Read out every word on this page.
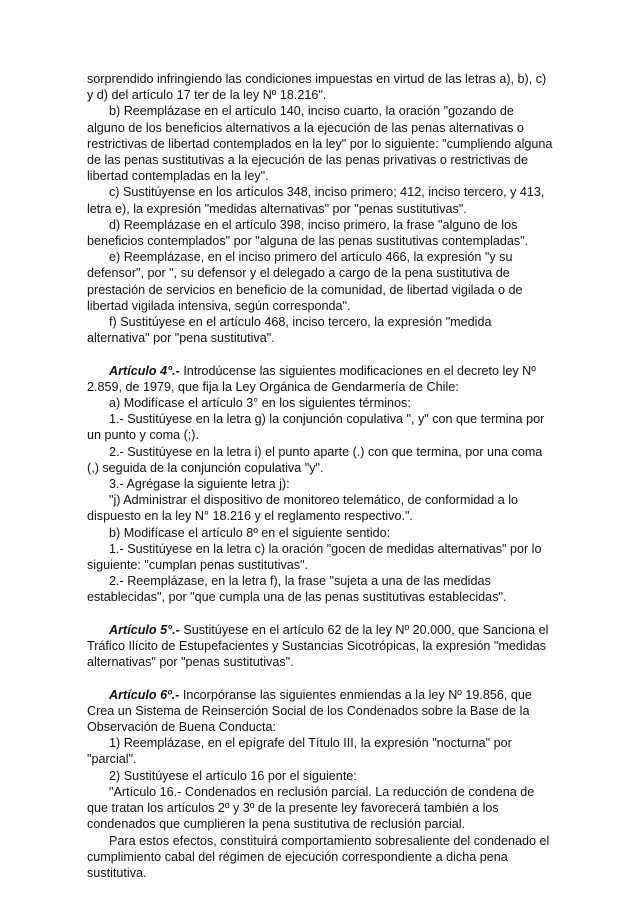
sorprendido infringiendo las condiciones impuestas en virtud de las letras a), b), c) y d) del artículo 17 ter de la ley Nº 18.216".

b) Reemplázase en el artículo 140, inciso cuarto, la oración "gozando de alguno de los beneficios alternativos a la ejecución de las penas alternativas o restrictivas de libertad contemplados en la ley" por lo siguiente: "cumpliendo alguna de las penas sustitutivas a la ejecución de las penas privativas o restrictivas de libertad contempladas en la ley".

c) Sustitúyense en los artículos 348, inciso primero; 412, inciso tercero, y 413, letra e), la expresión "medidas alternativas" por "penas sustitutivas".

d) Reemplázase en el artículo 398, inciso primero, la frase "alguno de los beneficios contemplados" por "alguna de las penas sustitutivas contempladas".

e) Reemplázase, en el inciso primero del artículo 466, la expresión "y su defensor", por ", su defensor y el delegado a cargo de la pena sustitutiva de prestación de servicios en beneficio de la comunidad, de libertad vigilada o de libertad vigilada intensiva, según corresponda".

f) Sustitúyese en el artículo 468, inciso tercero, la expresión "medida alternativa" por "pena sustitutiva".

Artículo 4°.- Introdúcense las siguientes modificaciones en el decreto ley Nº 2.859, de 1979, que fija la Ley Orgánica de Gendarmería de Chile:

a) Modifícase el artículo 3° en los siguientes términos:

1.- Sustitúyese en la letra g) la conjunción copulativa ", y" con que termina por un punto y coma (;).

2.- Sustitúyese en la letra i) el punto aparte (.) con que termina, por una coma (,) seguida de la conjunción copulativa "y".

3.- Agrégase la siguiente letra j):

"j) Administrar el dispositivo de monitoreo telemático, de conformidad a lo dispuesto en la ley N° 18.216 y el reglamento respectivo.".

b) Modifícase el artículo 8º en el siguiente sentido:

1.- Sustitúyese en la letra c) la oración "gocen de medidas alternativas" por lo siguiente: "cumplan penas sustitutivas".

2.- Reemplázase, en la letra f), la frase "sujeta a una de las medidas establecidas", por "que cumpla una de las penas sustitutivas establecidas".

Artículo 5°.- Sustitúyese en el artículo 62 de la ley Nº 20.000, que Sanciona el Tráfico Ilícito de Estupefacientes y Sustancias Sicotrópicas, la expresión "medidas alternativas" por "penas sustitutivas".

Artículo 6º.- Incorpóranse las siguientes enmiendas a la ley Nº 19.856, que Crea un Sistema de Reinserción Social de los Condenados sobre la Base de la Observación de Buena Conducta:

1) Reemplázase, en el epígrafe del Título III, la expresión "nocturna" por "parcial".

2) Sustitúyese el artículo 16 por el siguiente:

"Artículo 16.- Condenados en reclusión parcial. La reducción de condena de que tratan los artículos 2º y 3º de la presente ley favorecerá también a los condenados que cumplieren la pena sustitutiva de reclusión parcial.

Para estos efectos, constituirá comportamiento sobresaliente del condenado el cumplimiento cabal del régimen de ejecución correspondiente a dicha pena sustitutiva.
